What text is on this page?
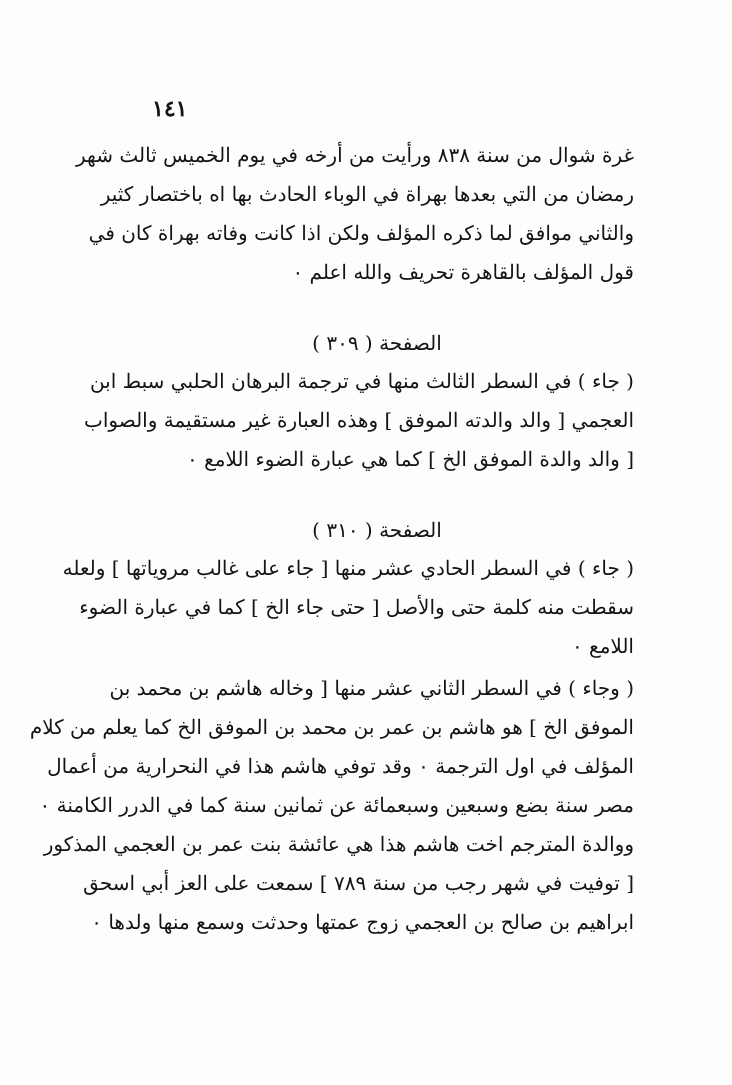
١٤١
غرة شوال من سنة ٨٣٨ ورأيت من أرخه في يوم الخميس ثالث شهر
رمضان من التي بعدها بهراة في الوباء الحادث بها اه باختصار كثير
والثاني موافق لما ذكره المؤلف ولكن اذا كانت وفاته بهراة كان في
قول المؤلف بالقاهرة تحريف والله اعلم ٠
الصفحة ( ٣٠٩ )
( جاء ) في السطر الثالث منها في ترجمة البرهان الحلبي سبط ابن
العجمي [ والد والدته الموفق ] وهذه العبارة غير مستقيمة والصواب
[ والد والدة الموفق الخ ] كما هي عبارة الضوء اللامع ٠
الصفحة ( ٣١٠ )
( جاء ) في السطر الحادي عشر منها [ جاء على غالب مروياتها ] ولعله
سقطت منه كلمة حتى والأصل [ حتى جاء الخ ] كما في عبارة الضوء
اللامع ٠
( وجاء ) في السطر الثاني عشر منها [ وخاله هاشم بن محمد بن
الموفق الخ ] هو هاشم بن عمر بن محمد بن الموفق الخ كما يعلم من كلام
المؤلف في اول الترجمة ٠ وقد توفي هاشم هذا في النحرارية من أعمال
مصر سنة بضع وسبعين وسبعمائة عن ثمانين سنة كما في الدرر الكامنة ٠
ووالدة المترجم اخت هاشم هذا هي عائشة بنت عمر بن العجمي المذكور
[ توفيت في شهر رجب من سنة ٧٨٩ ] سمعت على العز أبي اسحق
ابراهيم بن صالح بن العجمي زوج عمتها وحدثت وسمع منها ولدها ٠
